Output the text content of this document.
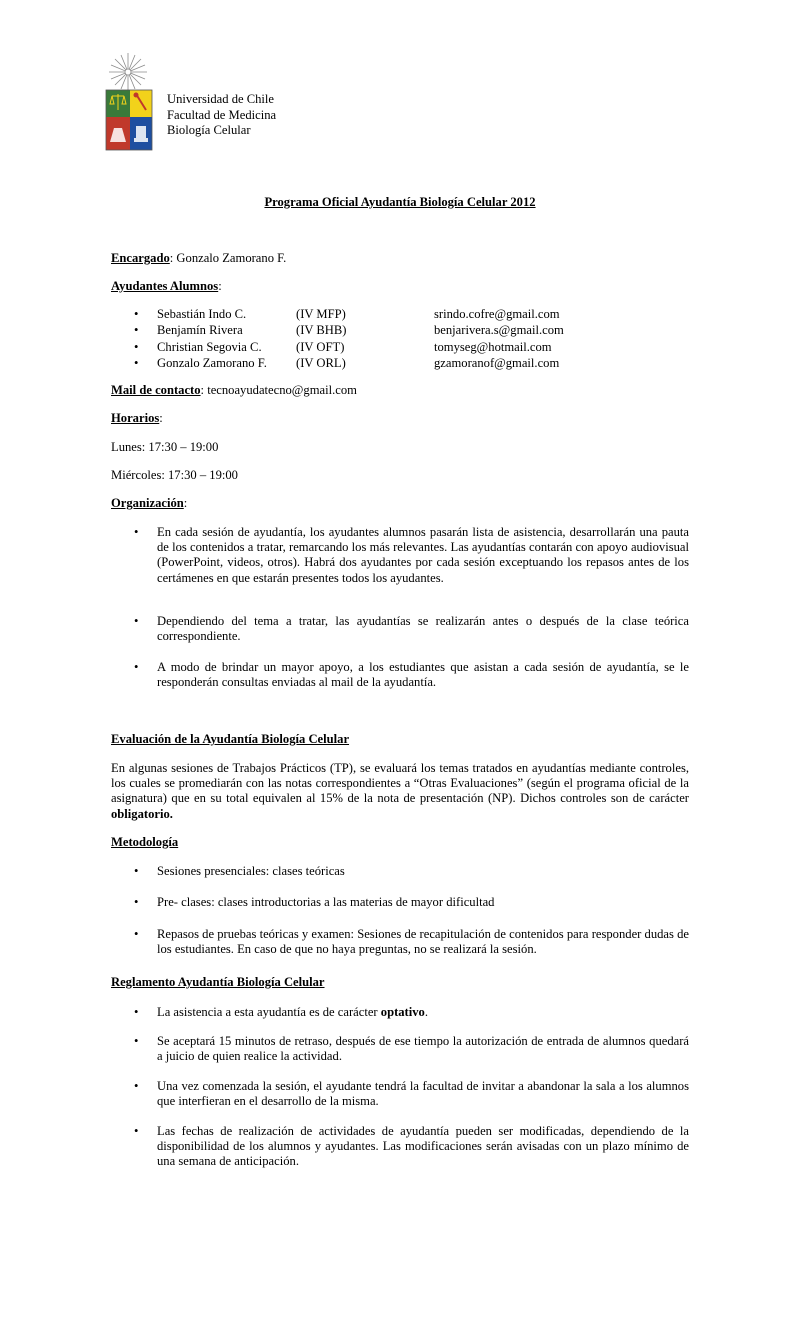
Universidad de Chile
Facultad de Medicina
Biología Celular
Programa Oficial Ayudantía Biología Celular 2012
Encargado: Gonzalo Zamorano F.
Ayudantes Alumnos:
• Sebastián Indo C.	(IV MFP)	srindo.cofre@gmail.com
• Benjamín Rivera	(IV BHB)	benjarivera.s@gmail.com
• Christian Segovia C.	(IV OFT)	tomyseg@hotmail.com
• Gonzalo Zamorano F. (IV ORL)	gzamoranof@gmail.com
Mail de contacto: tecnoayudatecno@gmail.com
Horarios:
Lunes: 17:30 – 19:00
Miércoles: 17:30 – 19:00
Organización:
• En cada sesión de ayudantía, los ayudantes alumnos pasarán lista de asistencia, desarrollarán una pauta de los contenidos a tratar, remarcando los más relevantes. Las ayudantías contarán con apoyo audiovisual (PowerPoint, videos, otros). Habrá dos ayudantes por cada sesión exceptuando los repasos antes de los certámenes en que estarán presentes todos los ayudantes.
• Dependiendo del tema a tratar, las ayudantías se realizarán antes o después de la clase teórica correspondiente.
• A modo de brindar un mayor apoyo, a los estudiantes que asistan a cada sesión de ayudantía, se le responderán consultas enviadas al mail de la ayudantía.
Evaluación de la Ayudantía Biología Celular
En algunas sesiones de Trabajos Prácticos (TP), se evaluará los temas tratados en ayudantías mediante controles, los cuales se promediarán con las notas correspondientes a “Otras Evaluaciones” (según el programa oficial de la asignatura) que en su total equivalen al 15% de la nota de presentación (NP). Dichos controles son de carácter obligatorio.
Metodología
• Sesiones presenciales: clases teóricas
• Pre- clases: clases introductorias a las materias de mayor dificultad
• Repasos de pruebas teóricas y examen: Sesiones de recapitulación de contenidos para responder dudas de los estudiantes. En caso de que no haya preguntas, no se realizará la sesión.
Reglamento Ayudantía Biología Celular
• La asistencia a esta ayudantía es de carácter optativo.
• Se aceptará 15 minutos de retraso, después de ese tiempo la autorización de entrada de alumnos quedará a juicio de quien realice la actividad.
• Una vez comenzada la sesión, el ayudante tendrá la facultad de invitar a abandonar la sala a los alumnos que interfieran en el desarrollo de la misma.
• Las fechas de realización de actividades de ayudantía pueden ser modificadas, dependiendo de la disponibilidad de los alumnos y ayudantes. Las modificaciones serán avisadas con un plazo mínimo de una semana de anticipación.
